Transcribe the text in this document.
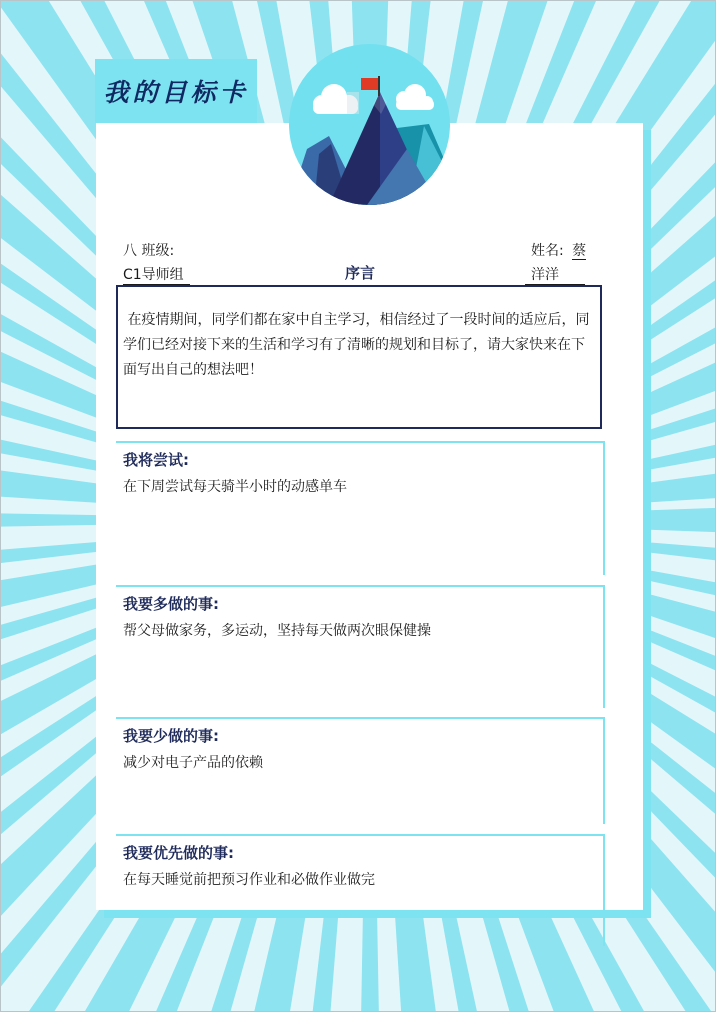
我的目标卡
八 班级:
C1导师组
姓名: 蔡
洋洋
序言
在疫情期间，同学们都在家中自主学习，相信经过了一段时间的适应后，同学们已经对接下来的生活和学习有了清晰的规划和目标了，请大家快来在下面写出自己的想法吧！
我将尝试:
在下周尝试每天骑半小时的动感单车
我要多做的事:
帮父母做家务，多运动，坚持每天做两次眼保健操
我要少做的事:
减少对电子产品的依赖
我要优先做的事:
在每天睡觉前把预习作业和必做作业做完
